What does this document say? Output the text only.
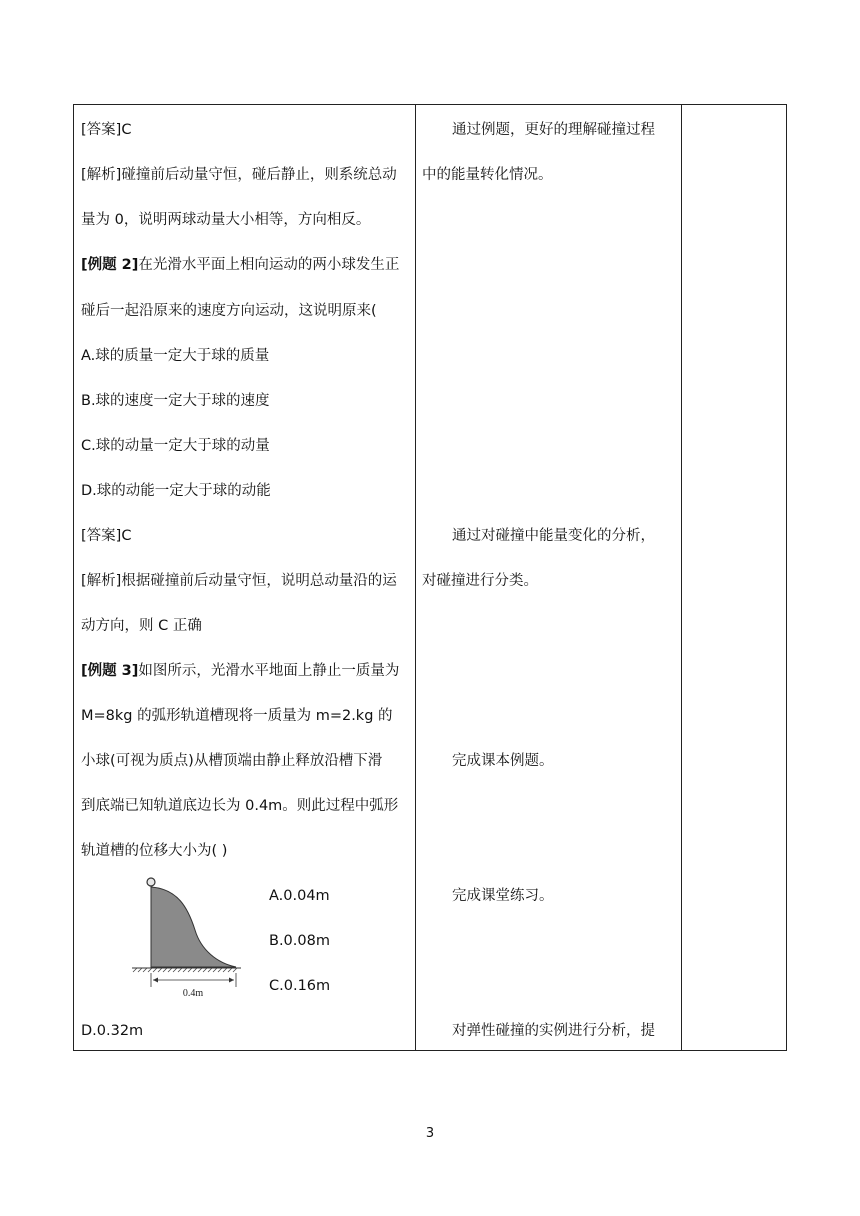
[答案]C
[解析]碰撞前后动量守恒，碰后静止，则系统总动
量为 0，说明两球动量大小相等，方向相反。
[例题 2]在光滑水平面上相向运动的两小球发生正
碰后一起沿原来的速度方向运动，这说明原来(
A.球的质量一定大于球的质量
B.球的速度一定大于球的速度
C.球的动量一定大于球的动量
D.球的动能一定大于球的动能
[答案]C
[解析]根据碰撞前后动量守恒，说明总动量沿的运
动方向，则 C 正确
[例题 3]如图所示，光滑水平地面上静止一质量为
M=8kg 的弧形轨道槽现将一质量为 m=2.kg 的
小球(可视为质点)从槽顶端由静止释放沿槽下滑
到底端已知轨道底边长为 0.4m。则此过程中弧形
轨道槽的位移大小为( )
0.4m
A.0.04m
B.0.08m
C.0.16m
D.0.32m
通过例题，更好的理解碰撞过程
中的能量转化情况。
通过对碰撞中能量变化的分析，
对碰撞进行分类。
完成课本例题。
完成课堂练习。
对弹性碰撞的实例进行分析，提
3
